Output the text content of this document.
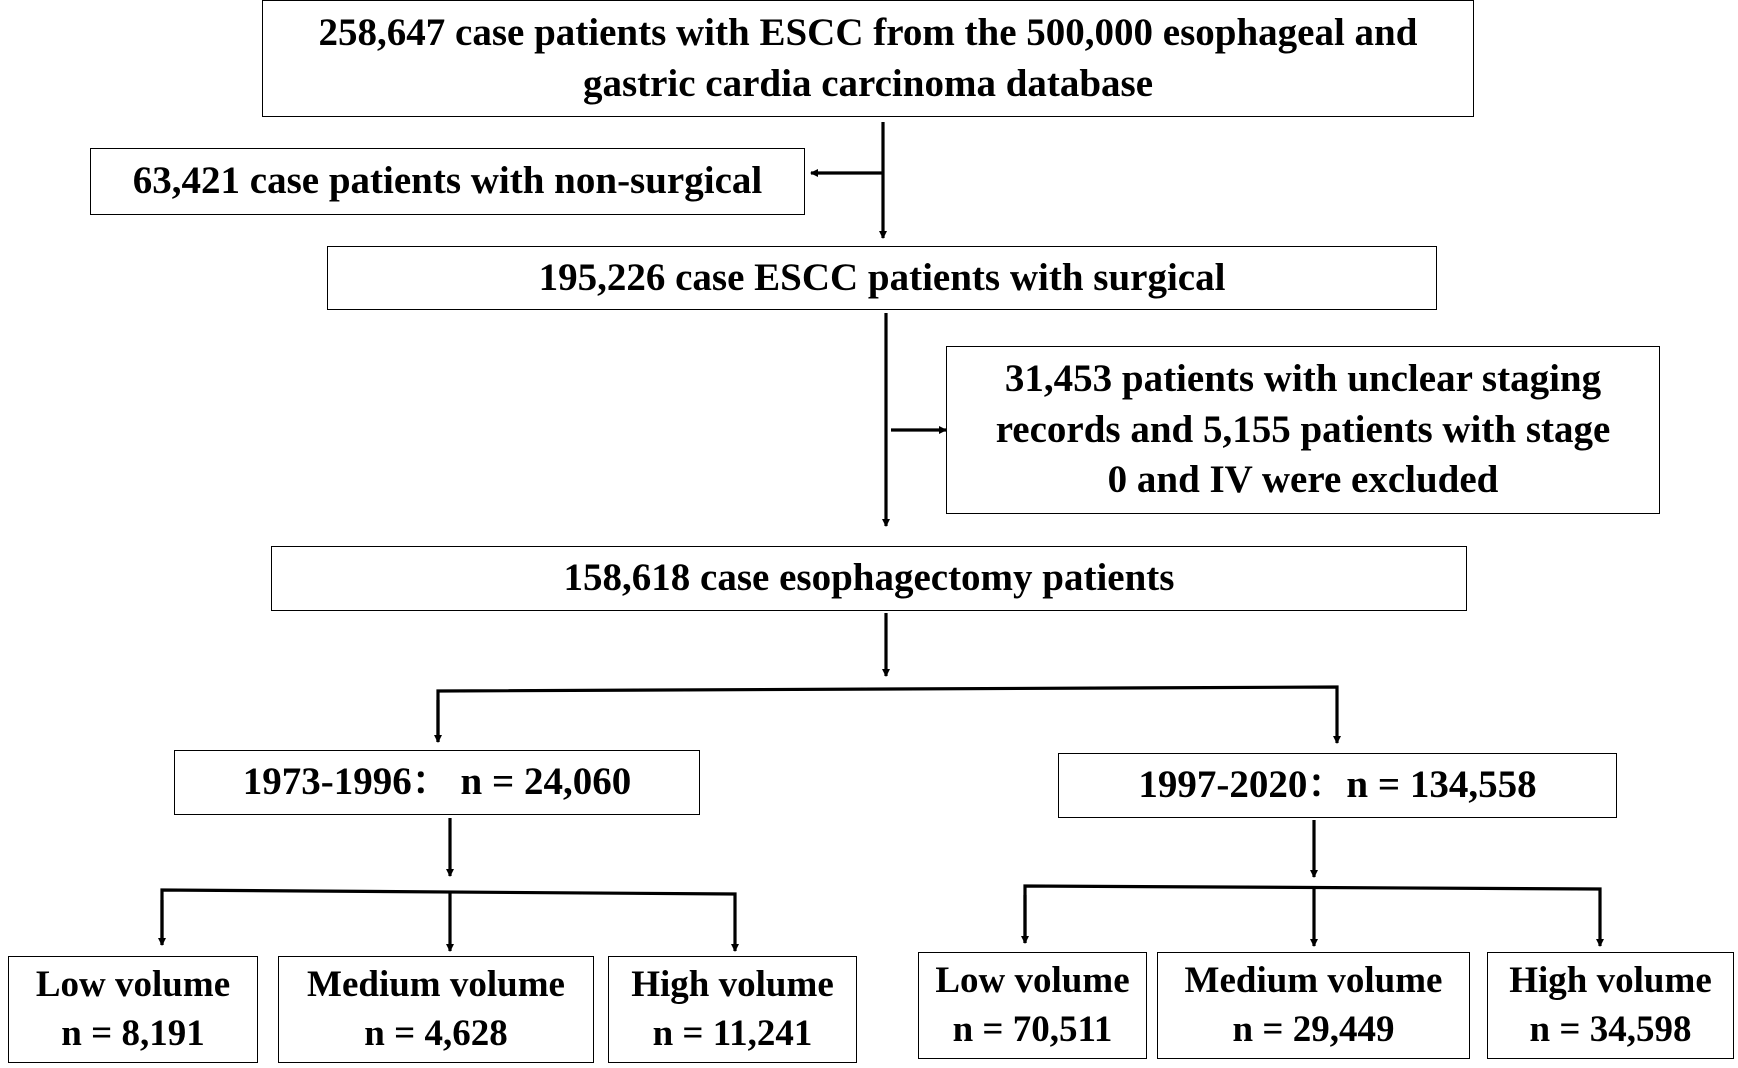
258,647 case patients with ESCC from the 500,000 esophageal and
gastric cardia carcinoma database
63,421 case patients with non-surgical
195,226 case ESCC patients with surgical
31,453 patients with unclear staging
records and 5,155 patients with stage
0 and IV were excluded
158,618 case esophagectomy patients
1973-1996： n = 24,060	1997-2020：n = 134,558
Low volume
n = 8,191
Medium volume
n = 4,628
High volume
n = 11,241
Low volume
n = 70,511
Medium volume
n = 29,449
High volume
n = 34,598
